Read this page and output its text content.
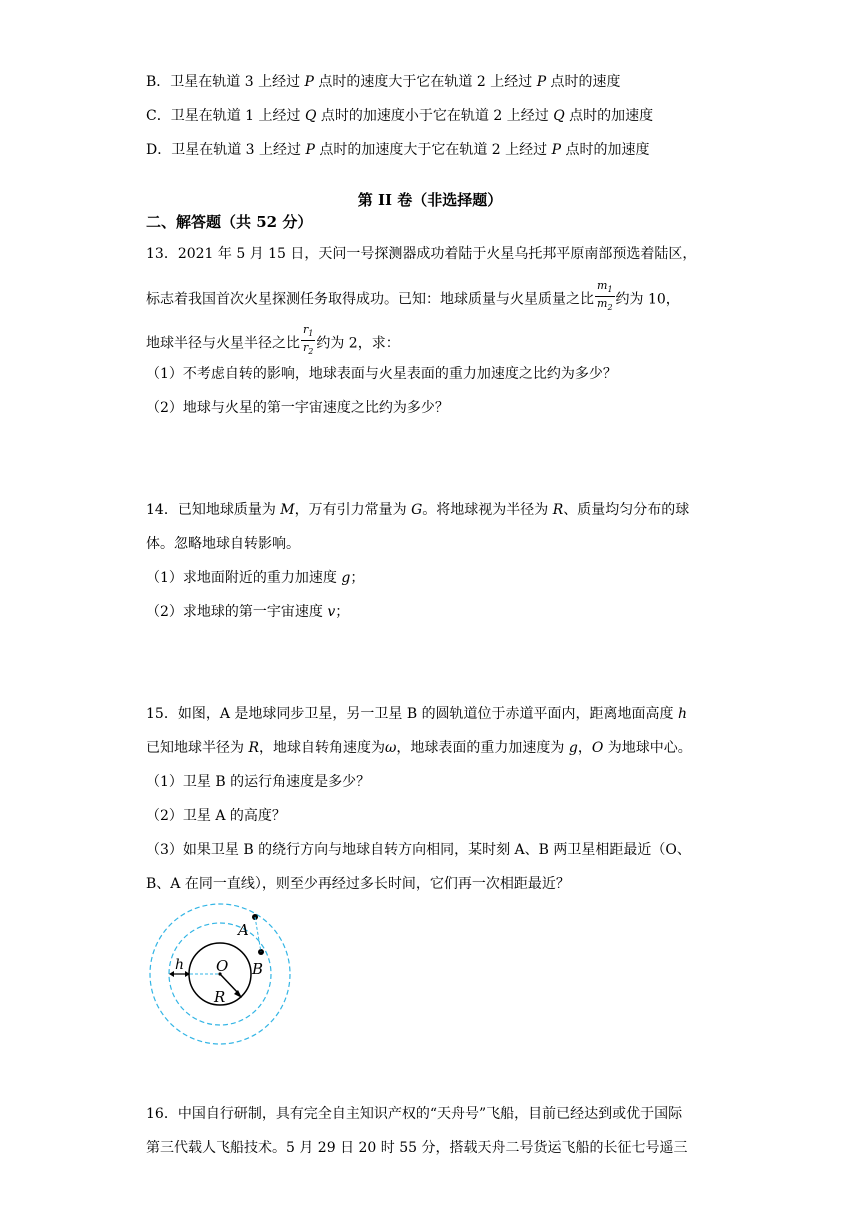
B．卫星在轨道 3 上经过 P 点时的速度大于它在轨道 2 上经过 P 点时的速度
C．卫星在轨道 1 上经过 Q 点时的加速度小于它在轨道 2 上经过 Q 点时的加速度
D．卫星在轨道 3 上经过 P 点时的加速度大于它在轨道 2 上经过 P 点时的加速度
第 II 卷（非选择题）
二、解答题（共 52 分）
13．2021 年 5 月 15 日，天问一号探测器成功着陆于火星乌托邦平原南部预选着陆区，
标志着我国首次火星探测任务取得成功。已知：地球质量与火星质量之比 $\frac{m_1}{m_2}$ 约为 10，
地球半径与火星半径之比 $\frac{r_1}{r_2}$ 约为 2，求：
（1）不考虑自转的影响，地球表面与火星表面的重力加速度之比约为多少？
（2）地球与火星的第一宇宙速度之比约为多少？
14．已知地球质量为 M，万有引力常量为 G。将地球视为半径为 R、质量均匀分布的球
体。忽略地球自转影响。
（1）求地面附近的重力加速度 g；
（2）求地球的第一宇宙速度 v；
15．如图，A 是地球同步卫星，另一卫星 B 的圆轨道位于赤道平面内，距离地面高度 h
已知地球半径为 R，地球自转角速度为ω，地球表面的重力加速度为 g，O 为地球中心。
（1）卫星 B 的运行角速度是多少？
（2）卫星 A 的高度？
（3）如果卫星 B 的绕行方向与地球自转方向相同，某时刻 A、B 两卫星相距最近（O、
B、A 在同一直线），则至少再经过多长时间，它们再一次相距最近？
A
B
O
R
h
16．中国自行研制，具有完全自主知识产权的“天舟号”飞船，目前已经达到或优于国际
第三代载人飞船技术。5 月 29 日 20 时 55 分，搭载天舟二号货运飞船的长征七号遥三
